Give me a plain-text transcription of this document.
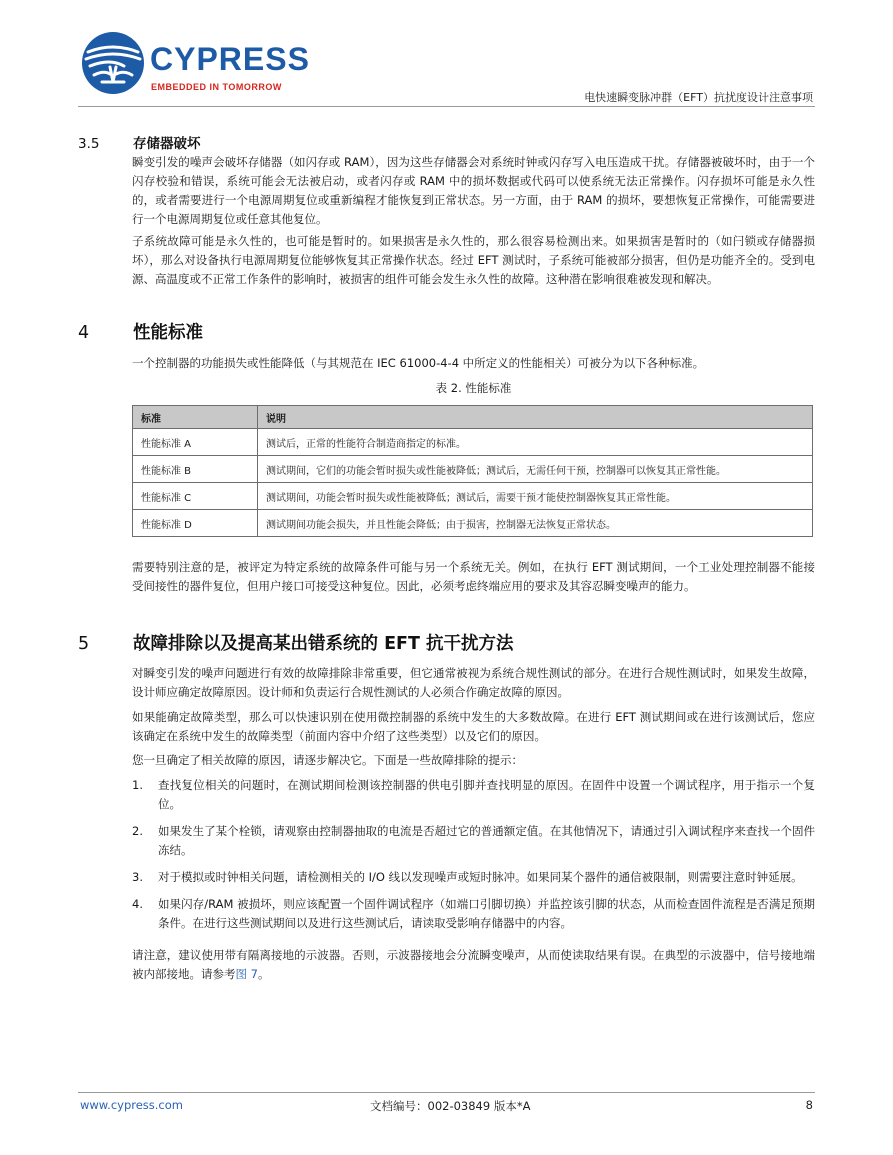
CYPRESS
EMBEDDED IN TOMORROW
电快速瞬变脉冲群（EFT）抗扰度设计注意事项
3.5	存储器破坏

瞬变引发的噪声会破坏存储器（如闪存或 RAM），因为这些存储器会对系统时钟或闪存写入电压造成干扰。存储器被破坏时，由于一个闪存校验和错误，系统可能会无法被启动，或者闪存或 RAM 中的损坏数据或代码可以使系统无法正常操作。闪存损坏可能是永久性的，或者需要进行一个电源周期复位或重新编程才能恢复到正常状态。另一方面，由于 RAM 的损坏，要想恢复正常操作，可能需要进行一个电源周期复位或任意其他复位。

子系统故障可能是永久性的，也可能是暂时的。如果损害是永久性的，那么很容易检测出来。如果损害是暂时的（如闩锁或存储器损坏），那么对设备执行电源周期复位能够恢复其正常操作状态。经过 EFT 测试时，子系统可能被部分损害，但仍是功能齐全的。受到电源、高温度或不正常工作条件的影响时，被损害的组件可能会发生永久性的故障。这种潜在影响很难被发现和解决。

4	性能标准

一个控制器的功能损失或性能降低（与其规范在 IEC 61000-4-4 中所定义的性能相关）可被分为以下各种标准。

表 2. 性能标准
标准	说明
性能标准 A	测试后，正常的性能符合制造商指定的标准。
性能标准 B	测试期间，它们的功能会暂时损失或性能被降低；测试后，无需任何干预，控制器可以恢复其正常性能。
性能标准 C	测试期间，功能会暂时损失或性能被降低；测试后，需要干预才能使控制器恢复其正常性能。
性能标准 D	测试期间功能会损失，并且性能会降低；由于损害，控制器无法恢复正常状态。

需要特别注意的是，被评定为特定系统的故障条件可能与另一个系统无关。例如，在执行 EFT 测试期间，一个工业处理控制器不能接受间接性的器件复位，但用户接口可接受这种复位。因此，必须考虑终端应用的要求及其容忍瞬变噪声的能力。

5	故障排除以及提高某出错系统的 EFT 抗干扰方法

对瞬变引发的噪声问题进行有效的故障排除非常重要，但它通常被视为系统合规性测试的部分。在进行合规性测试时，如果发生故障，设计师应确定故障原因。设计师和负责运行合规性测试的人必须合作确定故障的原因。

如果能确定故障类型，那么可以快速识别在使用微控制器的系统中发生的大多数故障。在进行 EFT 测试期间或在进行该测试后，您应该确定在系统中发生的故障类型（前面内容中介绍了这些类型）以及它们的原因。

您一旦确定了相关故障的原因，请逐步解决它。下面是一些故障排除的提示：

1. 查找复位相关的问题时，在测试期间检测该控制器的供电引脚并查找明显的原因。在固件中设置一个调试程序，用于指示一个复位。
2. 如果发生了某个栓锁，请观察由控制器抽取的电流是否超过它的普通额定值。在其他情况下，请通过引入调试程序来查找一个固件冻结。
3. 对于模拟或时钟相关问题，请检测相关的 I/O 线以发现噪声或短时脉冲。如果同某个器件的通信被限制，则需要注意时钟延展。
4. 如果闪存/RAM 被损坏，则应该配置一个固件调试程序（如端口引脚切换）并监控该引脚的状态，从而检查固件流程是否满足预期条件。在进行这些测试期间以及进行这些测试后，请读取受影响存储器中的内容。

请注意，建议使用带有隔离接地的示波器。否则，示波器接地会分流瞬变噪声，从而使读取结果有误。在典型的示波器中，信号接地端被内部接地。请参考图 7。

www.cypress.com	文档编号：002-03849 版本*A	8
